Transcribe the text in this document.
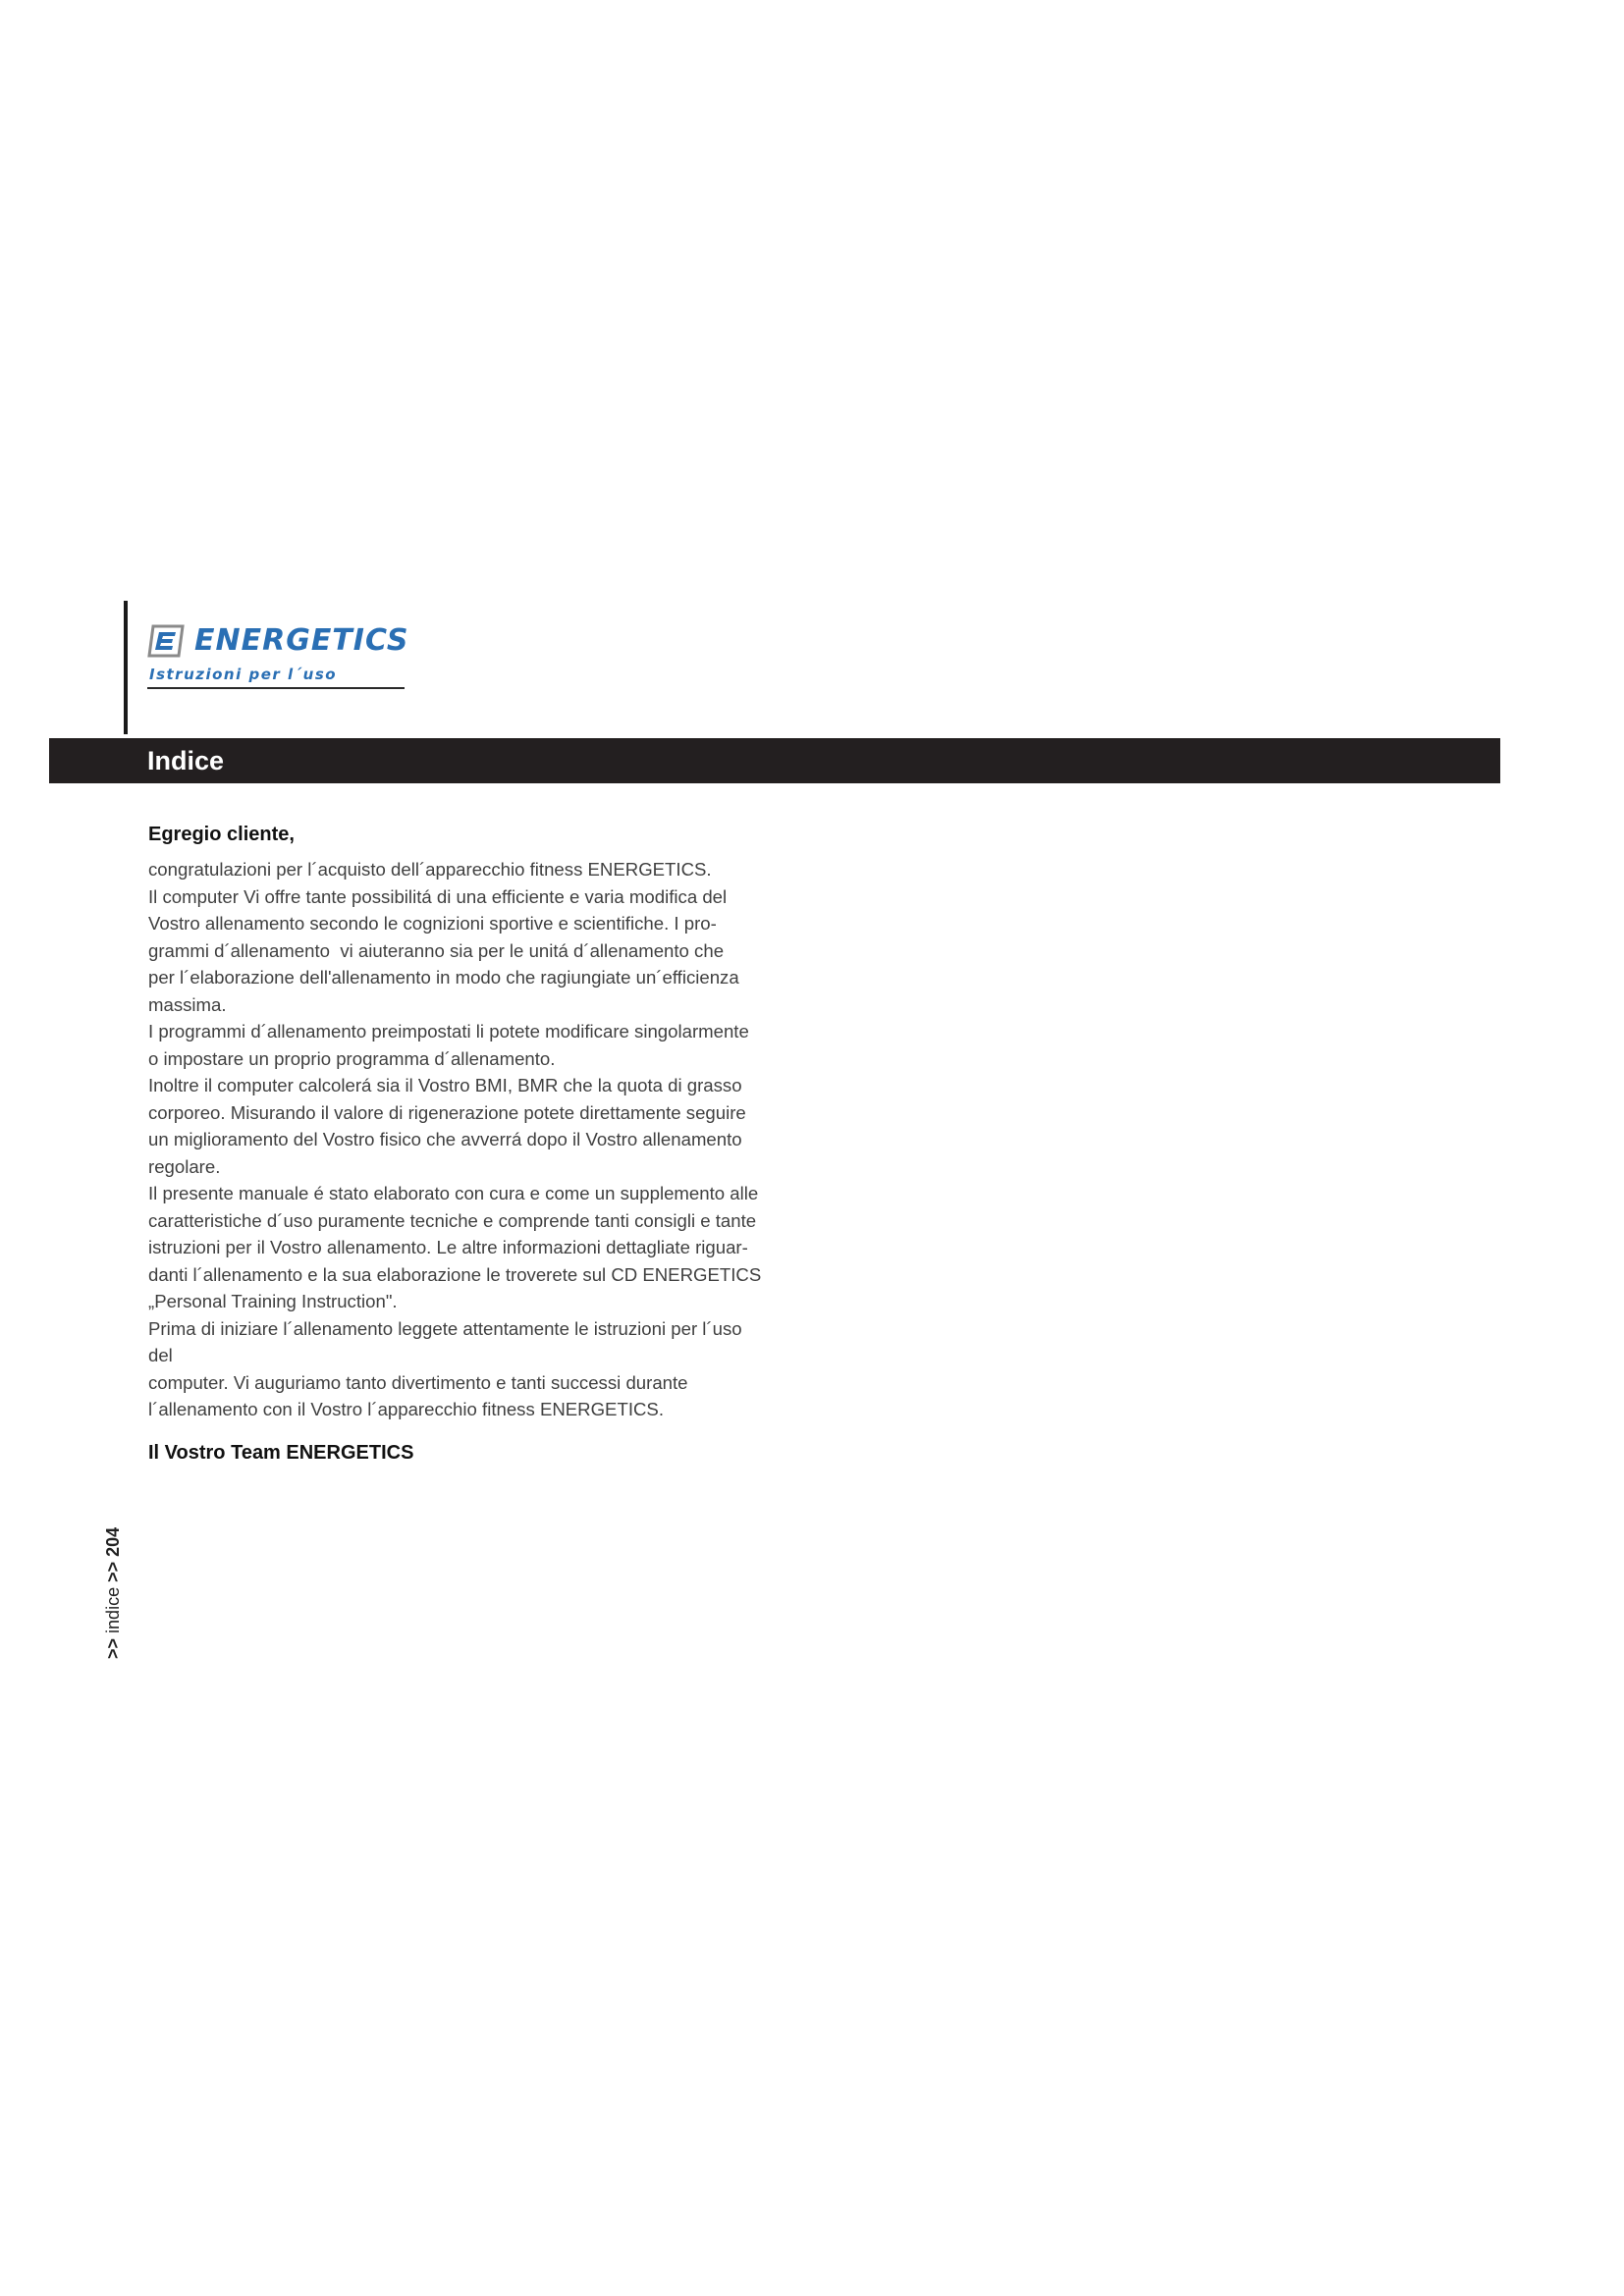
ENERGETICS
Istruzioni per l´uso
Indice

Egregio cliente,

congratulazioni per l´acquisto dell´apparecchio fitness ENERGETICS.

Il computer Vi offre tante possibilitá di una efficiente e varia modifica del

Vostro allenamento secondo le cognizioni sportive e scientifiche. I pro-

grammi d´allenamento  vi aiuteranno sia per le unitá d´allenamento che

per l´elaborazione dell'allenamento in modo che ragiungiate un´efficienza

massima.

I programmi d´allenamento preimpostati li potete modificare singolarmente

o impostare un proprio programma d´allenamento.

Inoltre il computer calcolerá sia il Vostro BMI, BMR che la quota di grasso

corporeo. Misurando il valore di rigenerazione potete direttamente seguire

un miglioramento del Vostro fisico che avverrá dopo il Vostro allenamento

regolare.

Il presente manuale é stato elaborato con cura e come un supplemento alle

caratteristiche d´uso puramente tecniche e comprende tanti consigli e tante

istruzioni per il Vostro allenamento. Le altre informazioni dettagliate riguar-

danti l´allenamento e la sua elaborazione le troverete sul CD ENERGETICS

„Personal Training Instruction".

Prima di iniziare l´allenamento leggete attentamente le istruzioni per l´uso

del

computer. Vi auguriamo tanto divertimento e tanti successi durante

l´allenamento con il Vostro l´apparecchio fitness ENERGETICS.

Il Vostro Team ENERGETICS

>> indice >> 204
